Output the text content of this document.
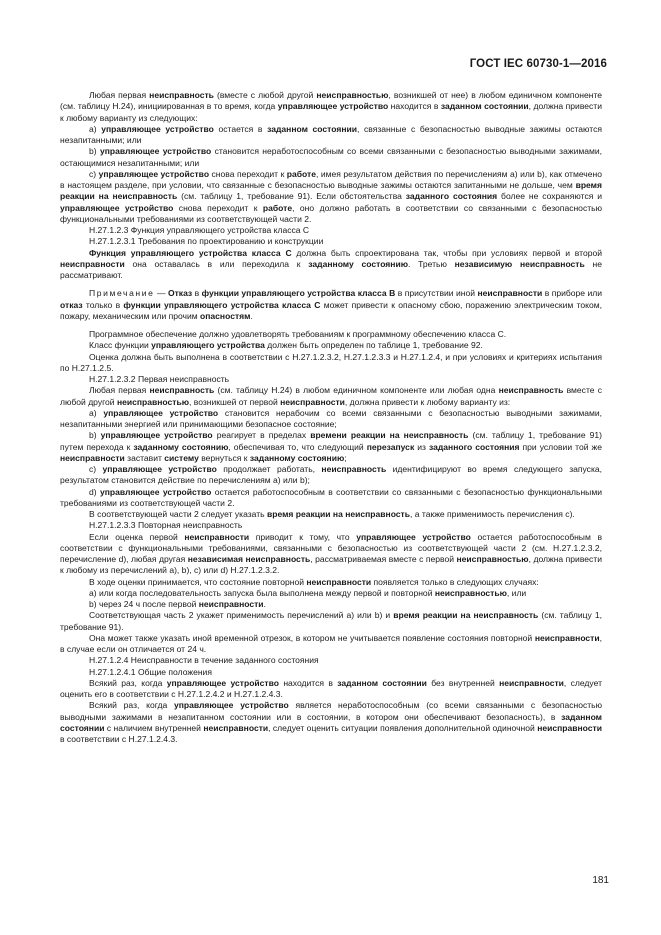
ГОСТ IEC 60730-1—2016

Любая первая неисправность (вместе с любой другой неисправностью, возникшей от нее) в любом единичном компоненте (см. таблицу Н.24), инициированная в то время, когда управляющее устройство находится в заданном состоянии, должна привести к любому варианту из следующих:

a) управляющее устройство остается в заданном состоянии, связанные с безопасностью выводные зажимы остаются незапитанными; или

b) управляющее устройство становится неработоспособным со всеми связанными с безопасностью выводными зажимами, остающимися незапитанными; или

c) управляющее устройство снова переходит к работе, имея результатом действия по перечислениям a) или b), как отмечено в настоящем разделе, при условии, что связанные с безопасностью выводные зажимы остаются запитанными не дольше, чем время реакции на неисправность (см. таблицу 1, требование 91). Если обстоятельства заданного состояния более не сохраняются и управляющее устройство снова переходит к работе, оно должно работать в соответствии со связанными с безопасностью функциональными требованиями из соответствующей части 2.

Н.27.1.2.3 Функция управляющего устройства класса С

Н.27.1.2.3.1 Требования по проектированию и конструкции

Функция управляющего устройства класса С должна быть спроектирована так, чтобы при условиях первой и второй неисправности она оставалась в или переходила к заданному состоянию. Третью независимую неисправность не рассматривают.

Примечание — Отказ в функции управляющего устройства класса В в присутствии иной неисправности в приборе или отказ только в функции управляющего устройства класса С может привести к опасному сбою, поражению электрическим током, пожару, механическим или прочим опасностям.

Программное обеспечение должно удовлетворять требованиям к программному обеспечению класса С.

Класс функции управляющего устройства должен быть определен по таблице 1, требование 92.

Оценка должна быть выполнена в соответствии с Н.27.1.2.3.2, Н.27.1.2.3.3 и Н.27.1.2.4, и при условиях и критериях испытания по Н.27.1.2.5.

Н.27.1.2.3.2 Первая неисправность

Любая первая неисправность (см. таблицу Н.24) в любом единичном компоненте или любая одна неисправность вместе с любой другой неисправностью, возникшей от первой неисправности, должна привести к любому варианту из:

a) управляющее устройство становится нерабочим со всеми связанными с безопасностью выводными зажимами, незапитанными энергией или принимающими безопасное состояние;

b) управляющее устройство реагирует в пределах времени реакции на неисправность (см. таблицу 1, требование 91) путем перехода к заданному состоянию, обеспечивая то, что следующий перезапуск из заданного состояния при условии той же неисправности заставит систему вернуться к заданному состоянию;

c) управляющее устройство продолжает работать, неисправность идентифицируют во время следующего запуска, результатом становится действие по перечислениям a) или b);

d) управляющее устройство остается работоспособным в соответствии со связанными с безопасностью функциональными требованиями из соответствующей части 2.

В соответствующей части 2 следует указать время реакции на неисправность, а также применимость перечисления c).

Н.27.1.2.3.3 Повторная неисправность

Если оценка первой неисправности приводит к тому, что управляющее устройство остается работоспособным в соответствии с функциональными требованиями, связанными с безопасностью из соответствующей части 2 (см. Н.27.1.2.3.2, перечисление d), любая другая независимая неисправность, рассматриваемая вместе с первой неисправностью, должна привести к любому из перечислений a), b), c) или d) Н.27.1.2.3.2.

В ходе оценки принимается, что состояние повторной неисправности появляется только в следующих случаях:

a) или когда последовательность запуска была выполнена между первой и повторной неисправностью, или

b) через 24 ч после первой неисправности.

Соответствующая часть 2 укажет применимость перечислений a) или b) и время реакции на неисправность (см. таблицу 1, требование 91).

Она может также указать иной временной отрезок, в котором не учитывается появление состояния повторной неисправности, в случае если он отличается от 24 ч.

Н.27.1.2.4 Неисправности в течение заданного состояния

Н.27.1.2.4.1 Общие положения

Всякий раз, когда управляющее устройство находится в заданном состоянии без внутренней неисправности, следует оценить его в соответствии с Н.27.1.2.4.2 и Н.27.1.2.4.3.

Всякий раз, когда управляющее устройство является неработоспособным (со всеми связанными с безопасностью выводными зажимами в незапитанном состоянии или в состоянии, в котором они обеспечивают безопасность), в заданном состоянии с наличием внутренней неисправности, следует оценить ситуации появления дополнительной одиночной неисправности в соответствии с Н.27.1.2.4.3.

181
